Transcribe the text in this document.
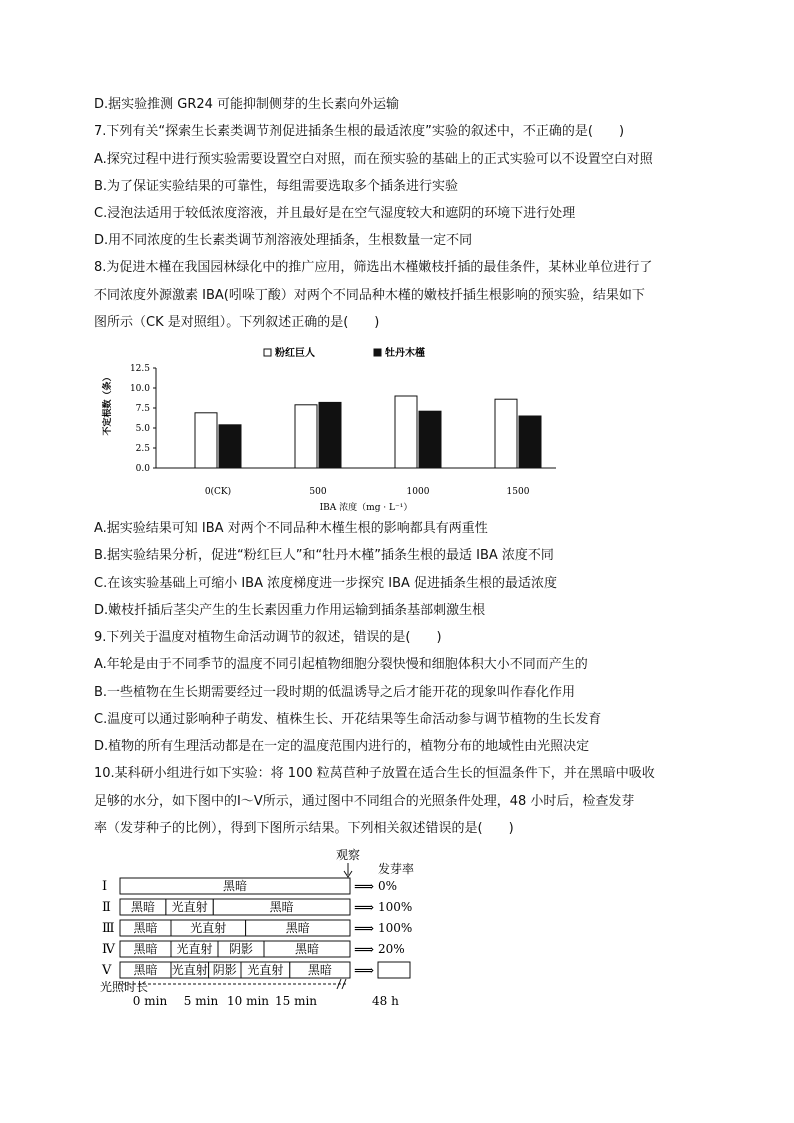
D.据实验推测 GR24 可能抑制侧芽的生长素向外运输
7.下列有关“探索生长素类调节剂促进插条生根的最适浓度”实验的叙述中，不正确的是(　　)
A.探究过程中进行预实验需要设置空白对照，而在预实验的基础上的正式实验可以不设置空白对照
B.为了保证实验结果的可靠性，每组需要选取多个插条进行实验
C.浸泡法适用于较低浓度溶液，并且最好是在空气湿度较大和遮阴的环境下进行处理
D.用不同浓度的生长素类调节剂溶液处理插条，生根数量一定不同
8.为促进木槿在我国园林绿化中的推广应用，筛选出木槿嫩枝扦插的最佳条件，某林业单位进行了
不同浓度外源激素 IBA(吲哚丁酸）对两个不同品种木槿的嫩枝扦插生根影响的预实验，结果如下
图所示（CK 是对照组）。下列叙述正确的是(　　)
12.5
10.0
7.5
5.0
2.5
0.0
0(CK)	500	1000	1500
不定根数（条）
IBA 浓度（mg · L⁻¹）
粉红巨人	牡丹木槿
A.据实验结果可知 IBA 对两个不同品种木槿生根的影响都具有两重性
B.据实验结果分析，促进“粉红巨人”和“牡丹木槿”插条生根的最适 IBA 浓度不同
C.在该实验基础上可缩小 IBA 浓度梯度进一步探究 IBA 促进插条生根的最适浓度
D.嫩枝扦插后茎尖产生的生长素因重力作用运输到插条基部刺激生根
9.下列关于温度对植物生命活动调节的叙述，错误的是(　　)
A.年轮是由于不同季节的温度不同引起植物细胞分裂快慢和细胞体积大小不同而产生的
B.一些植物在生长期需要经过一段时期的低温诱导之后才能开花的现象叫作春化作用
C.温度可以通过影响种子萌发、植株生长、开花结果等生命活动参与调节植物的生长发育
D.植物的所有生理活动都是在一定的温度范围内进行的，植物分布的地域性由光照决定
10.某科研小组进行如下实验：将 100 粒莴苣种子放置在适合生长的恒温条件下，并在黑暗中吸收
足够的水分，如下图中的Ⅰ～Ⅴ所示，通过图中不同组合的光照条件处理，48 小时后，检查发芽
率（发芽种子的比例），得到下图所示结果。下列相关叙述错误的是(　　)
观察
发芽率
Ⅰ	黑暗	⟹ 0%
Ⅱ 黑暗 光直射	黑暗	⟹ 100%
Ⅲ 黑暗	光直射	黑暗	⟹ 100%
Ⅳ 黑暗 光直射 阴影	黑暗 ⟹ 20%
Ⅴ 黑暗 光直射 阴影 光直射 黑暗 ⟹
光照时长
0 min 5 min 10 min 15 min	48 h
